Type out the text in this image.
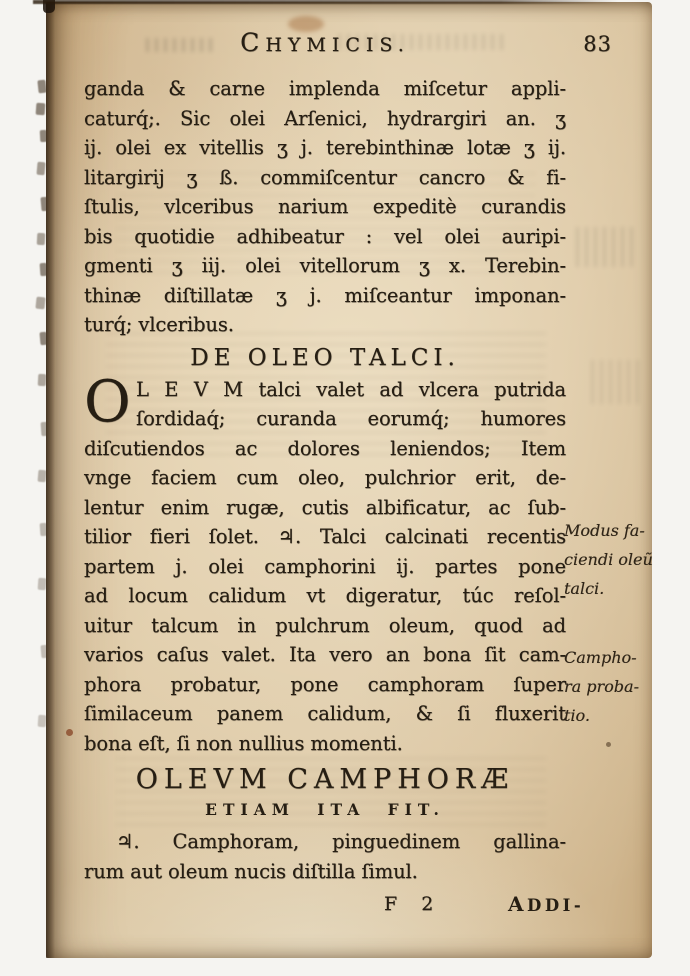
CHYMICIS.	83
ganda & carne implenda miſcetur appli-
caturq́;. Sic olei Arſenici, hydrargiri an. ʒ
ij. olei ex vitellis ʒ j. terebinthinæ lotæ ʒ ij.
litargirij ʒ ß. commiſcentur cancro & fi-
ſtulis, vlceribus narium expeditè curandis
bis quotidie adhibeatur : vel olei auripi-
gmenti ʒ iij. olei vitellorum ʒ x. Terebin-
thinæ diſtillatæ ʒ j. miſceantur imponan-
turq́; vlceribus.
DE OLEO TALCI.
O L E V M talci valet ad vlcera putrida
ſordidaq́; curanda eorumq́; humores
diſcutiendos ac dolores leniendos; Item
vnge faciem cum oleo, pulchrior erit, de-
lentur enim rugæ, cutis albificatur, ac ſub-
tilior fieri ſolet. ♃. Talci calcinati recentis
partem j. olei camphorini ij. partes pone
ad locum calidum vt digeratur, túc reſol-
uitur talcum in pulchrum oleum, quod ad
varios caſus valet. Ita vero an bona ſit cam-
phora probatur, pone camphoram ſuper
ſimilaceum panem calidum, & ſi fluxerit
bona eſt, ſi non nullius momenti.
OLEVM CAMPHORÆ
ETIAM ITA FIT.
♃. Camphoram, pinguedinem gallina-
rum aut oleum nucis diſtilla ſimul.
F 2	ADDI-
Modus fa-
ciendi oleũ
talci.
Campho-
ra proba-
tio.
